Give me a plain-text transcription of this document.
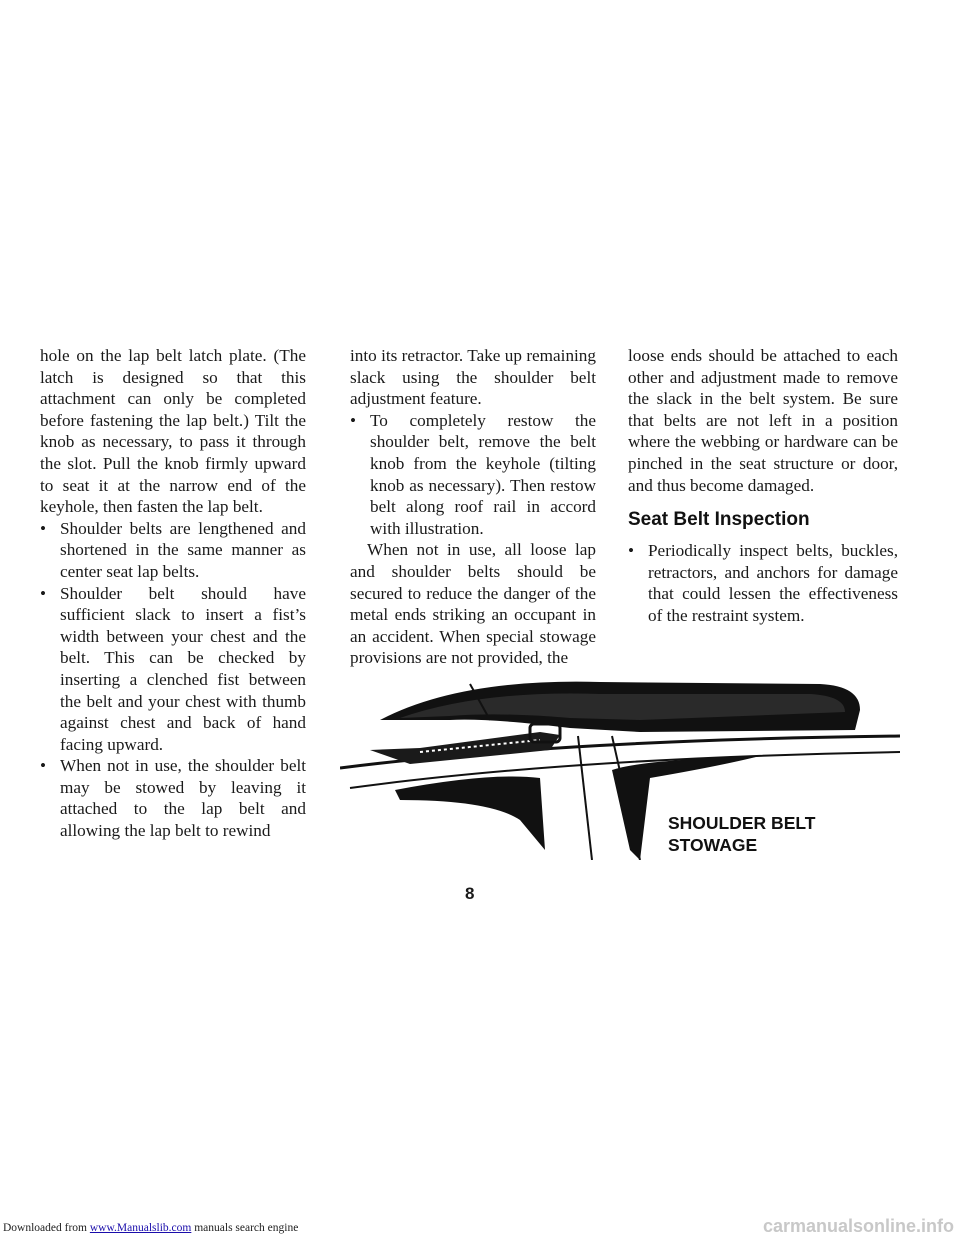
hole on the lap belt latch plate. (The latch is designed so that this attachment can only be completed before fastening the lap belt.) Tilt the knob as necessary, to pass it through the slot. Pull the knob firmly upward to seat it at the narrow end of the keyhole, then fasten the lap belt.

• Shoulder belts are lengthened and shortened in the same manner as center seat lap belts.

• Shoulder belt should have sufficient slack to insert a fist’s width between your chest and the belt. This can be checked by inserting a clenched fist between the belt and your chest with thumb against chest and back of hand facing upward.

• When not in use, the shoulder belt may be stowed by leaving it attached to the lap belt and allowing the lap belt to rewind

into its retractor. Take up remaining slack using the shoulder belt adjustment feature.

• To completely restow the shoulder belt, remove the belt knob from the keyhole (tilting knob as necessary). Then restow belt along roof rail in accord with illustration.

When not in use, all loose lap and shoulder belts should be secured to reduce the danger of the metal ends striking an occupant in an accident. When special stowage provisions are not provided, the

loose ends should be attached to each other and adjustment made to remove the slack in the belt system. Be sure that belts are not left in a position where the webbing or hardware can be pinched in the seat structure or door, and thus become damaged.

Seat Belt Inspection

• Periodically inspect belts, buckles, retractors, and anchors for damage that could lessen the effectiveness of the restraint system.

SHOULDER BELT
STOWAGE
8
Downloaded from www.Manualslib.com manuals search engine	carmanualsonline.info
